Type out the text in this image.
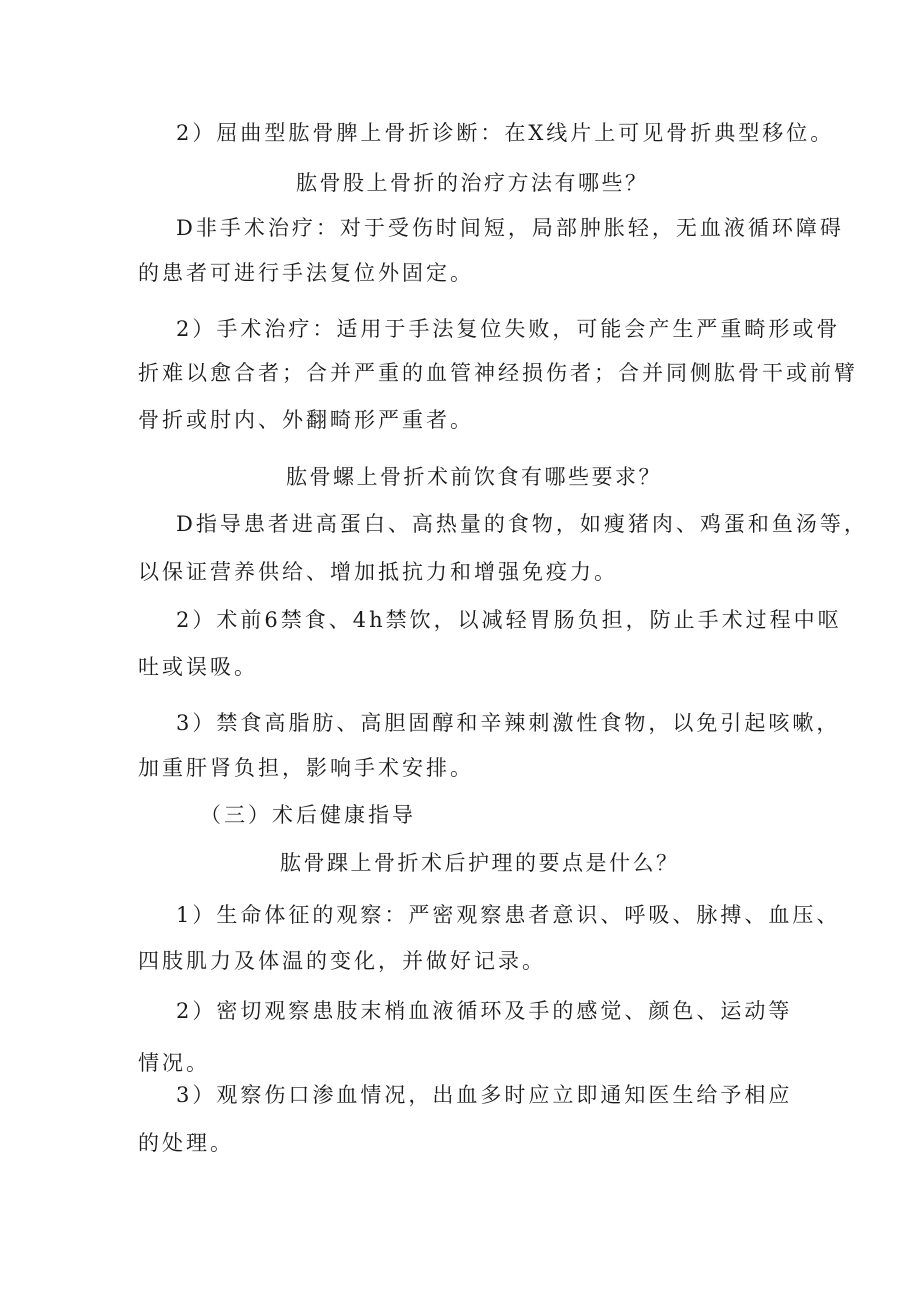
2）屈曲型肱骨脾上骨折诊断：在X线片上可见骨折典型移位。
肱骨股上骨折的治疗方法有哪些？
D非手术治疗：对于受伤时间短，局部肿胀轻，无血液循环障碍
的患者可进行手法复位外固定。
2）手术治疗：适用于手法复位失败，可能会产生严重畸形或骨
折难以愈合者；合并严重的血管神经损伤者；合并同侧肱骨干或前臂
骨折或肘内、外翻畸形严重者。
肱骨螺上骨折术前饮食有哪些要求？
D指导患者进高蛋白、高热量的食物，如瘦猪肉、鸡蛋和鱼汤等，
以保证营养供给、增加抵抗力和增强免疫力。
2）术前6禁食、4h禁饮，以减轻胃肠负担，防止手术过程中呕
吐或误吸。
3）禁食高脂肪、高胆固醇和辛辣刺激性食物，以免引起咳嗽，
加重肝肾负担，影响手术安排。
（三）术后健康指导
肱骨踝上骨折术后护理的要点是什么？
1）生命体征的观察：严密观察患者意识、呼吸、脉搏、血压、
四肢肌力及体温的变化，并做好记录。
2）密切观察患肢末梢血液循环及手的感觉、颜色、运动等
情况。
3）观察伤口渗血情况，出血多时应立即通知医生给予相应
的处理。
